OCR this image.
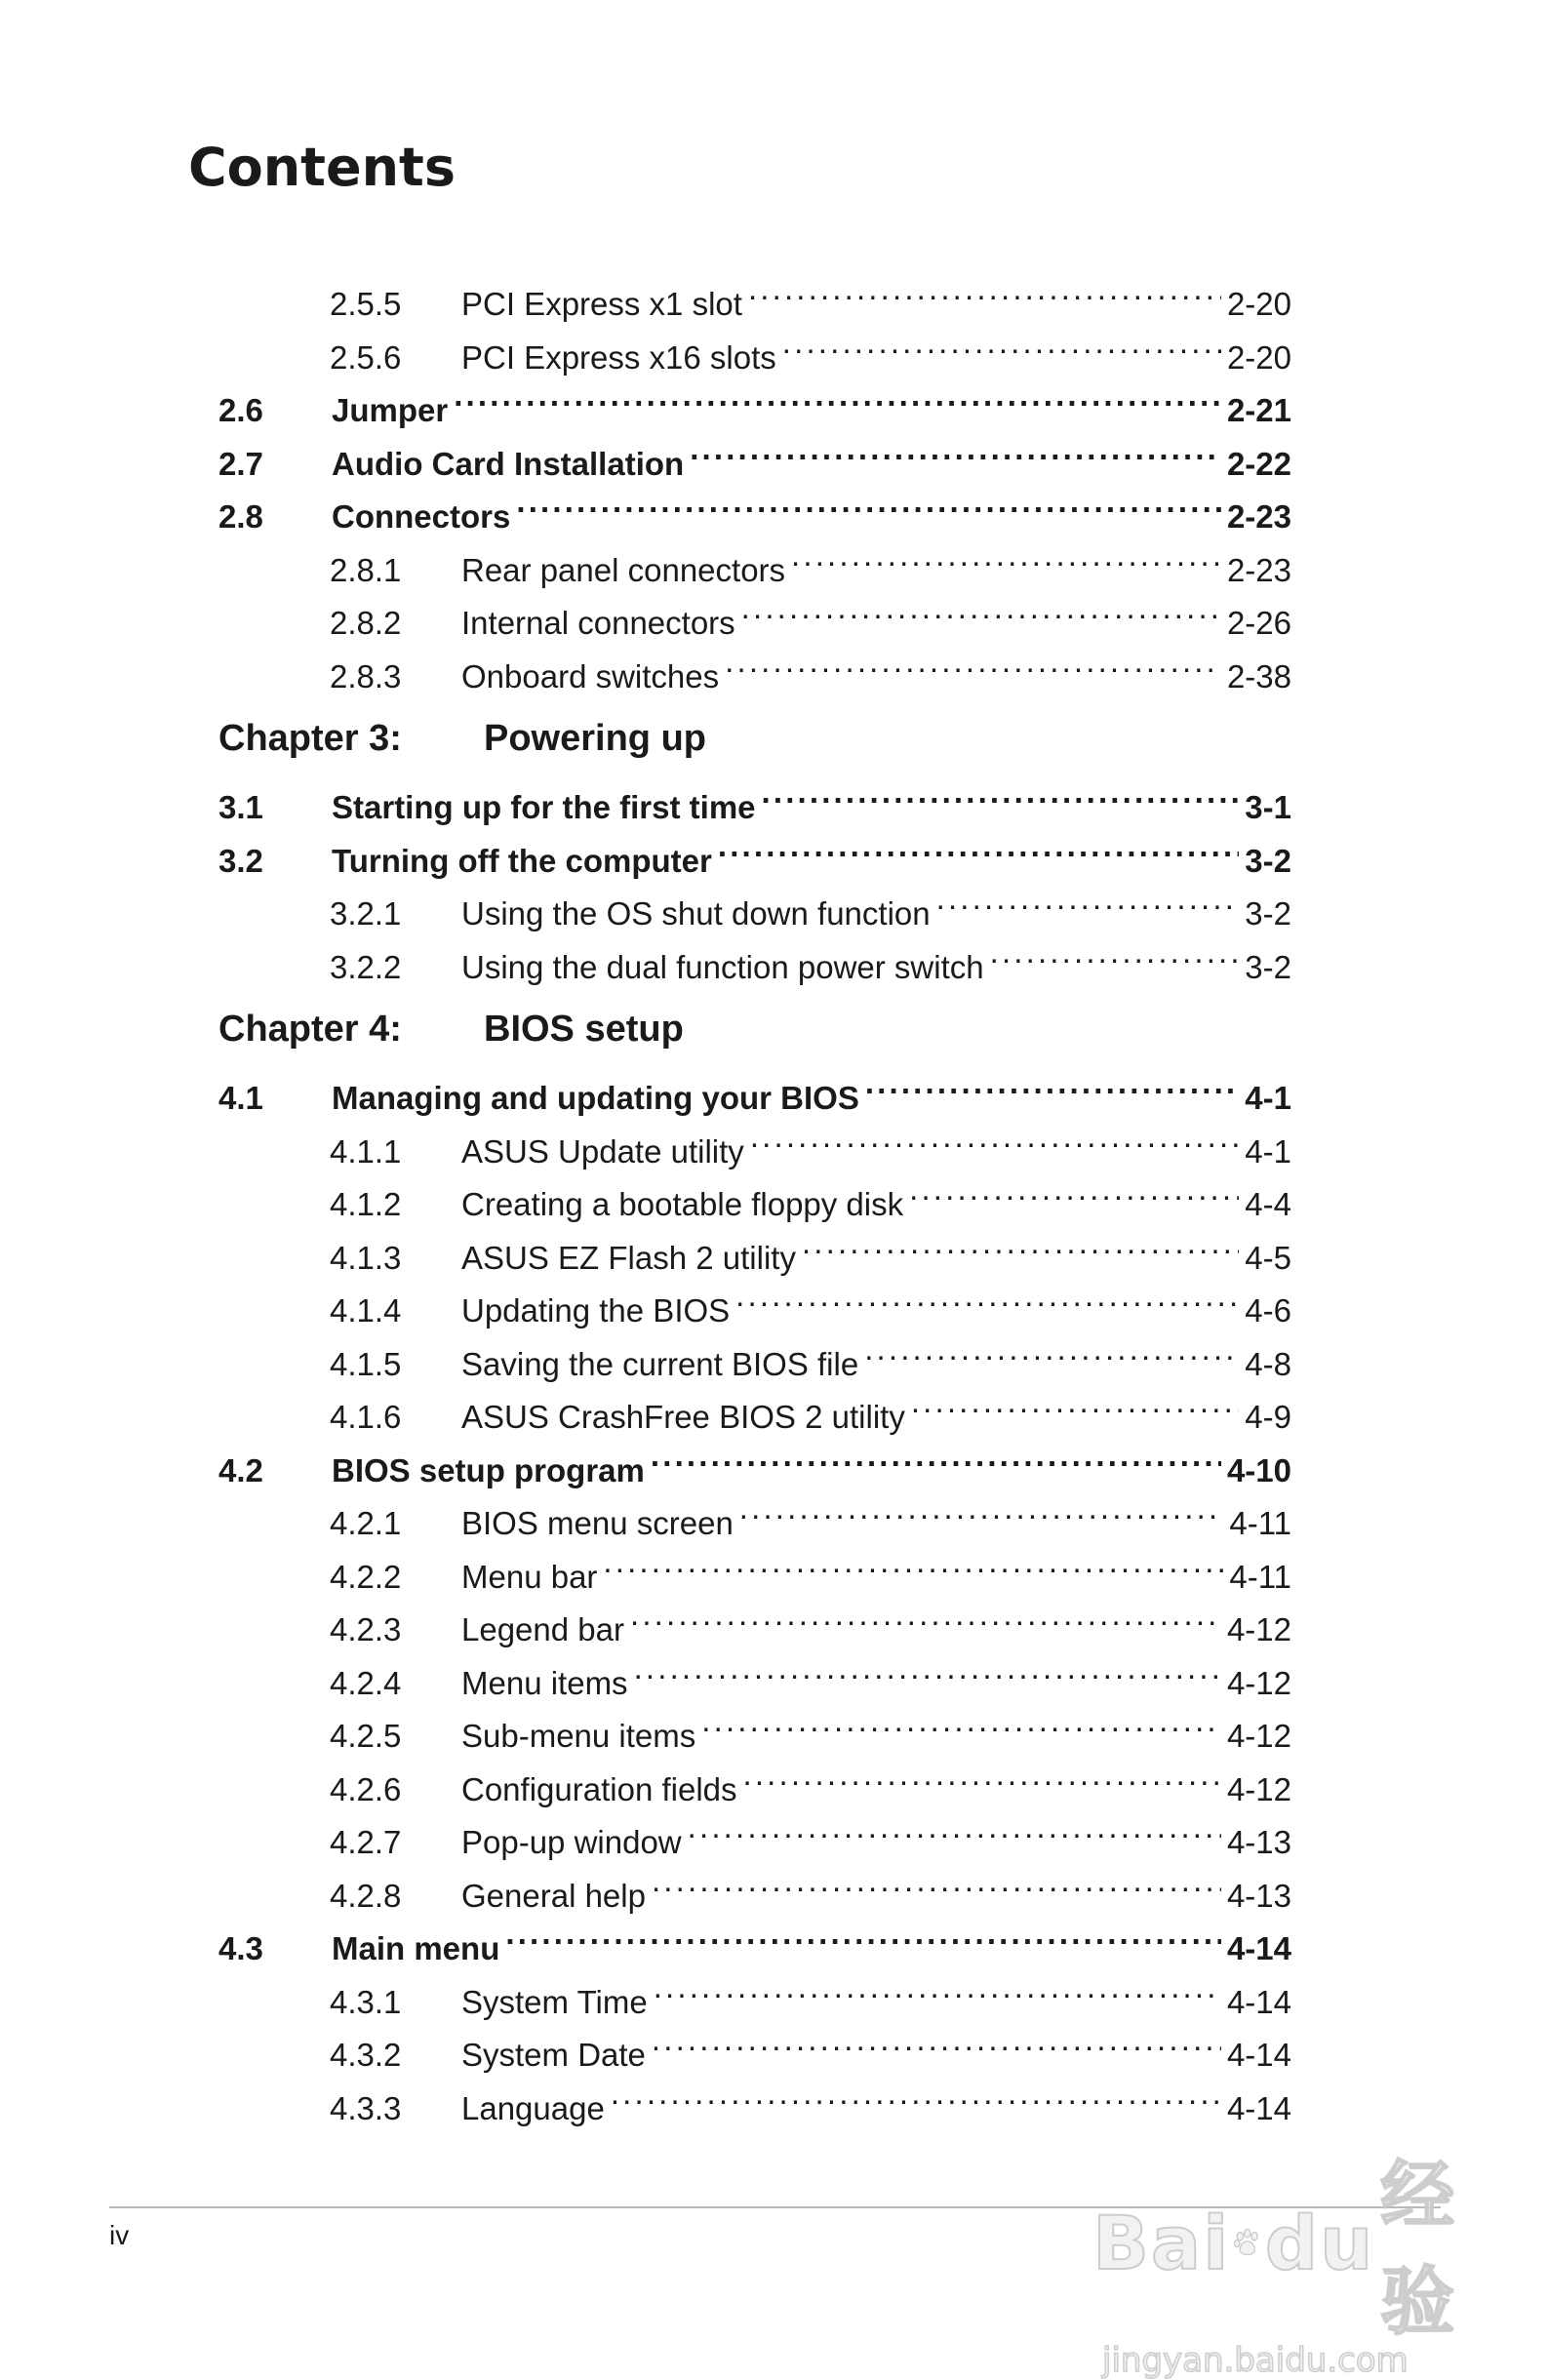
Contents
2.5.5	PCI Express x1 slot . . .	2-20
2.5.6	PCI Express x16 slots . . .	2-20
2.6	Jumper . . .	2-21
2.7	Audio Card Installation . . .	2-22
2.8	Connectors . . .	2-23
2.8.1	Rear panel connectors . . .	2-23
2.8.2	Internal connectors . . .	2-26
2.8.3	Onboard switches . . .	2-38
Chapter 3:	Powering up
3.1	Starting up for the first time . . .	3-1
3.2	Turning off the computer . . .	3-2
3.2.1	Using the OS shut down function . . .	3-2
3.2.2	Using the dual function power switch . . .	3-2
Chapter 4:	BIOS setup
4.1	Managing and updating your BIOS . . .	4-1
4.1.1	ASUS Update utility . . .	4-1
4.1.2	Creating a bootable floppy disk . . .	4-4
4.1.3	ASUS EZ Flash 2 utility . . .	4-5
4.1.4	Updating the BIOS . . .	4-6
4.1.5	Saving the current BIOS file . . .	4-8
4.1.6	ASUS CrashFree BIOS 2 utility . . .	4-9
4.2	BIOS setup program . . .	4-10
4.2.1	BIOS menu screen . . .	4-11
4.2.2	Menu bar . . .	4-11
4.2.3	Legend bar . . .	4-12
4.2.4	Menu items . . .	4-12
4.2.5	Sub-menu items . . .	4-12
4.2.6	Configuration fields . . .	4-12
4.2.7	Pop-up window . . .	4-13
4.2.8	General help . . .	4-13
4.3	Main menu . . .	4-14
4.3.1	System Time . . .	4-14
4.3.2	System Date . . .	4-14
4.3.3	Language . . .	4-14
iv	Bai du
经验
jingyan.baidu.com
